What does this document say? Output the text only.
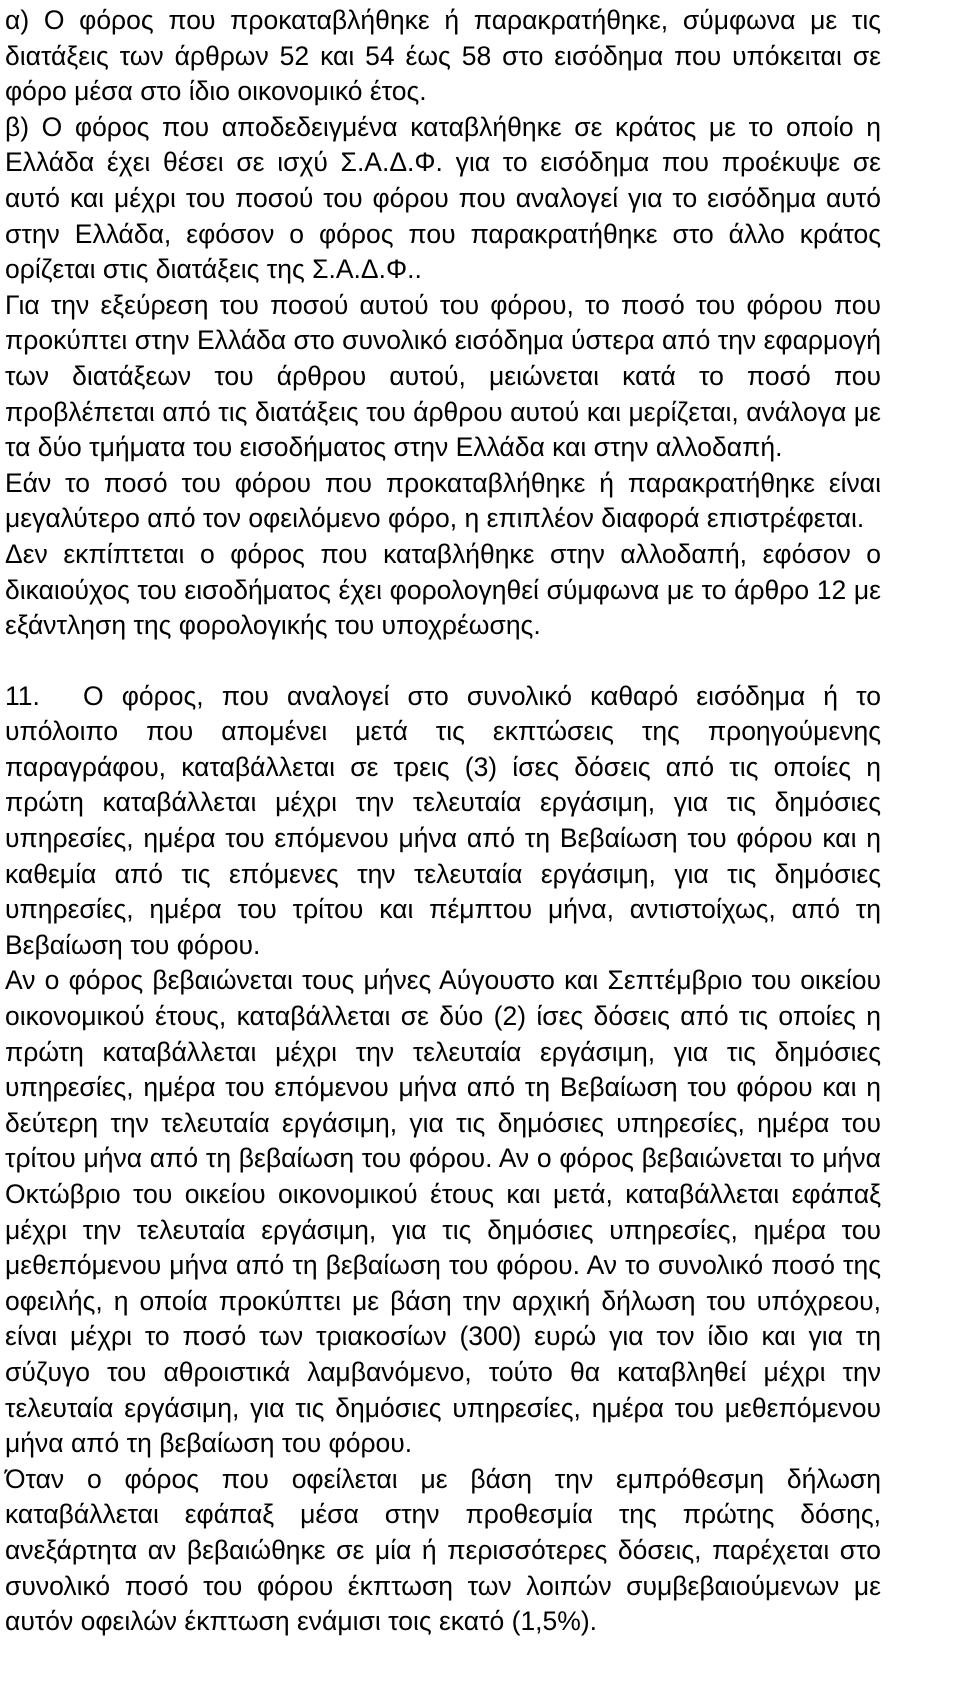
α) Ο φόρος που προκαταβλήθηκε ή παρακρατήθηκε, σύμφωνα με τις διατάξεις των άρθρων 52 και 54 έως 58 στο εισόδημα που υπόκειται σε φόρο μέσα στο ίδιο οικονομικό έτος.

β) Ο φόρος που αποδεδειγμένα καταβλήθηκε σε κράτος με το οποίο η Ελλάδα έχει θέσει σε ισχύ Σ.Α.Δ.Φ. για το εισόδημα που προέκυψε σε αυτό και μέχρι του ποσού του φόρου που αναλογεί για το εισόδημα αυτό στην Ελλάδα, εφόσον ο φόρος που παρακρατήθηκε στο άλλο κράτος ορίζεται στις διατάξεις της Σ.Α.Δ.Φ..

Για την εξεύρεση του ποσού αυτού του φόρου, το ποσό του φόρου που προκύπτει στην Ελλάδα στο συνολικό εισόδημα ύστερα από την εφαρμογή των διατάξεων του άρθρου αυτού, μειώνεται κατά το ποσό που προβλέπεται από τις διατάξεις του άρθρου αυτού και μερίζεται, ανάλογα με τα δύο τμήματα του εισοδήματος στην Ελλάδα και στην αλλοδαπή.

Εάν το ποσό του φόρου που προκαταβλήθηκε ή παρακρατήθηκε είναι μεγαλύτερο από τον οφειλόμενο φόρο, η επιπλέον διαφορά επιστρέφεται.

Δεν εκπίπτεται ο φόρος που καταβλήθηκε στην αλλοδαπή, εφόσον ο δικαιούχος του εισοδήματος έχει φορολογηθεί σύμφωνα με το άρθρο 12 με εξάντληση της φορολογικής του υποχρέωσης.

11. Ο φόρος, που αναλογεί στο συνολικό καθαρό εισόδημα ή το υπόλοιπο που απομένει μετά τις εκπτώσεις της προηγούμενης παραγράφου, καταβάλλεται σε τρεις (3) ίσες δόσεις από τις οποίες η πρώτη καταβάλλεται μέχρι την τελευταία εργάσιμη, για τις δημόσιες υπηρεσίες, ημέρα του επόμενου μήνα από τη Βεβαίωση του φόρου και η καθεμία από τις επόμενες την τελευταία εργάσιμη, για τις δημόσιες υπηρεσίες, ημέρα του τρίτου και πέμπτου μήνα, αντιστοίχως, από τη Βεβαίωση του φόρου.

Αν ο φόρος βεβαιώνεται τους μήνες Αύγουστο και Σεπτέμβριο του οικείου οικονομικού έτους, καταβάλλεται σε δύο (2) ίσες δόσεις από τις οποίες η πρώτη καταβάλλεται μέχρι την τελευταία εργάσιμη, για τις δημόσιες υπηρεσίες, ημέρα του επόμενου μήνα από τη Βεβαίωση του φόρου και η δεύτερη την τελευταία εργάσιμη, για τις δημόσιες υπηρεσίες, ημέρα του τρίτου μήνα από τη βεβαίωση του φόρου. Αν ο φόρος βεβαιώνεται το μήνα Οκτώβριο του οικείου οικονομικού έτους και μετά, καταβάλλεται εφάπαξ μέχρι την τελευταία εργάσιμη, για τις δημόσιες υπηρεσίες, ημέρα του μεθεπόμενου μήνα από τη βεβαίωση του φόρου. Αν το συνολικό ποσό της οφειλής, η οποία προκύπτει με βάση την αρχική δήλωση του υπόχρεου, είναι μέχρι το ποσό των τριακοσίων (300) ευρώ για τον ίδιο και για τη σύζυγο του αθροιστικά λαμβανόμενο, τούτο θα καταβληθεί μέχρι την τελευταία εργάσιμη, για τις δημόσιες υπηρεσίες, ημέρα του μεθεπόμενου μήνα από τη βεβαίωση του φόρου.

Όταν ο φόρος που οφείλεται με βάση την εμπρόθεσμη δήλωση καταβάλλεται εφάπαξ μέσα στην προθεσμία της πρώτης δόσης, ανεξάρτητα αν βεβαιώθηκε σε μία ή περισσότερες δόσεις, παρέχεται στο συνολικό ποσό του φόρου έκπτωση των λοιπών συμβεβαιούμενων με αυτόν οφειλών έκπτωση ενάμισι τοις εκατό (1,5%).
